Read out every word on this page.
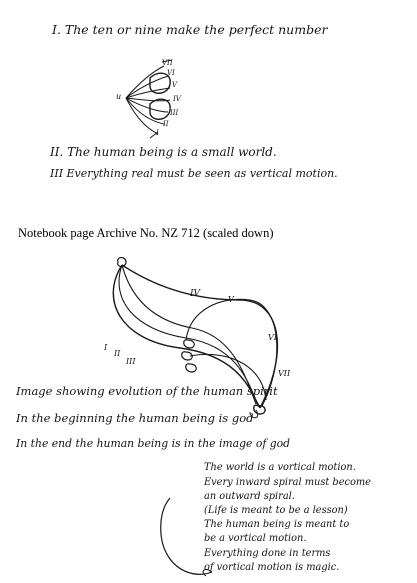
I. The ten or nine make the perfect number
u
VII
VI
V
IV
III
II
I
II. The human being is a small world.
III Everything real must be seen as vertical motion.
Notebook page Archive No. NZ 712 (scaled down)
I
II
III
IV
V
VI
VII
Image showing evolution of the human spirit
In the beginning the human being is god
In the end the human being is in the image of god
The world is a vortical motion.
Every inward spiral must become
an outward spiral.
(Life is meant to be a lesson)
The human being is meant to
be a vortical motion.
Everything done in terms
of vortical motion is magic.
